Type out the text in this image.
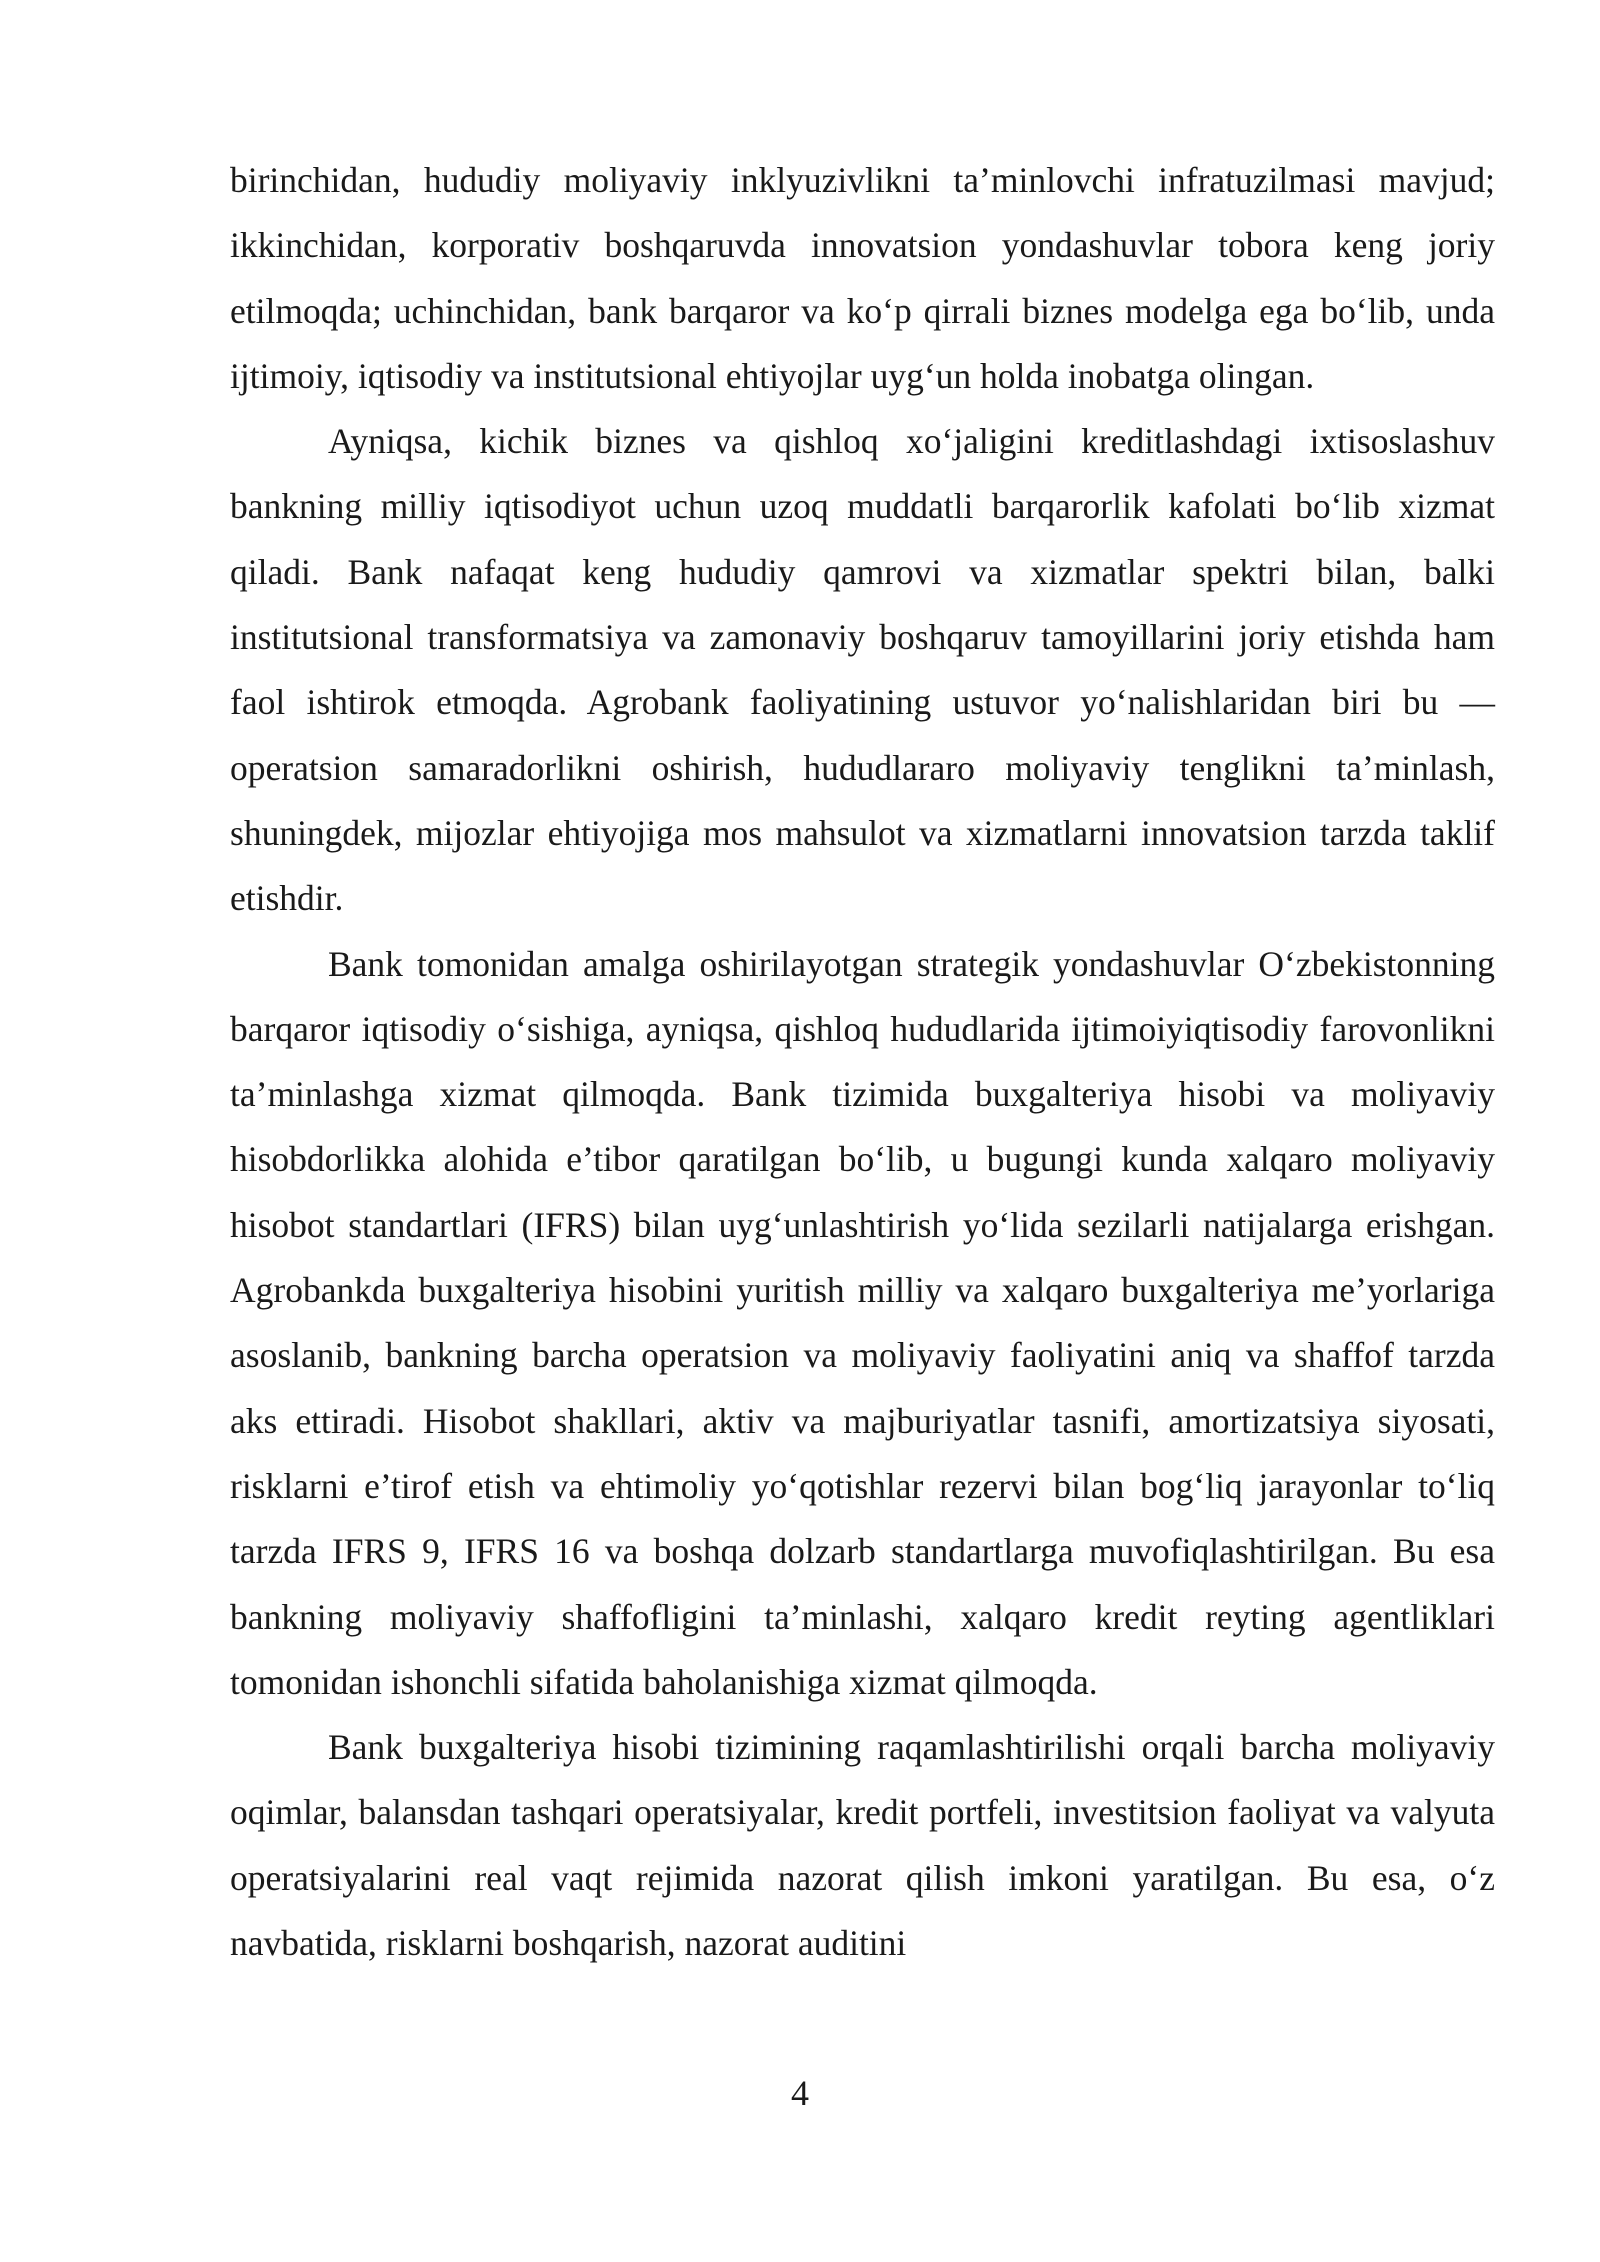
birinchidan, hududiy moliyaviy inklyuzivlikni ta’minlovchi infratuzilmasi mavjud; ikkinchidan, korporativ boshqaruvda innovatsion yondashuvlar tobora keng joriy etilmoqda; uchinchidan, bank barqaror va ko‘p qirrali biznes modelga ega bo‘lib, unda ijtimoiy, iqtisodiy va institutsional ehtiyojlar uyg‘un holda inobatga olingan.

Ayniqsa, kichik biznes va qishloq xo‘jaligini kreditlashdagi ixtisoslashuv bankning milliy iqtisodiyot uchun uzoq muddatli barqarorlik kafolati bo‘lib xizmat qiladi. Bank nafaqat keng hududiy qamrovi va xizmatlar spektri bilan, balki institutsional transformatsiya va zamonaviy boshqaruv tamoyillarini joriy etishda ham faol ishtirok etmoqda. Agrobank faoliyatining ustuvor yo‘nalishlaridan biri bu — operatsion samaradorlikni oshirish, hududlararo moliyaviy tenglikni ta’minlash, shuningdek, mijozlar ehtiyojiga mos mahsulot va xizmatlarni innovatsion tarzda taklif etishdir.

Bank tomonidan amalga oshirilayotgan strategik yondashuvlar O‘zbekistonning barqaror iqtisodiy o‘sishiga, ayniqsa, qishloq hududlarida ijtimoiyiqtisodiy farovonlikni ta’minlashga xizmat qilmoqda. Bank tizimida buxgalteriya hisobi va moliyaviy hisobdorlikka alohida e’tibor qaratilgan bo‘lib, u bugungi kunda xalqaro moliyaviy hisobot standartlari (IFRS) bilan uyg‘unlashtirish yo‘lida sezilarli natijalarga erishgan. Agrobankda buxgalteriya hisobini yuritish milliy va xalqaro buxgalteriya me’yorlariga asoslanib, bankning barcha operatsion va moliyaviy faoliyatini aniq va shaffof tarzda aks ettiradi. Hisobot shakllari, aktiv va majburiyatlar tasnifi, amortizatsiya siyosati, risklarni e’tirof etish va ehtimoliy yo‘qotishlar rezervi bilan bog‘liq jarayonlar to‘liq tarzda IFRS 9, IFRS 16 va boshqa dolzarb standartlarga muvofiqlashtirilgan. Bu esa bankning moliyaviy shaffofligini ta’minlashi, xalqaro kredit reyting agentliklari tomonidan ishonchli sifatida baholanishiga xizmat qilmoqda.

Bank buxgalteriya hisobi tizimining raqamlashtirilishi orqali barcha moliyaviy oqimlar, balansdan tashqari operatsiyalar, kredit portfeli, investitsion faoliyat va valyuta operatsiyalarini real vaqt rejimida nazorat qilish imkoni yaratilgan. Bu esa, o‘z navbatida, risklarni boshqarish, nazorat auditini

4
